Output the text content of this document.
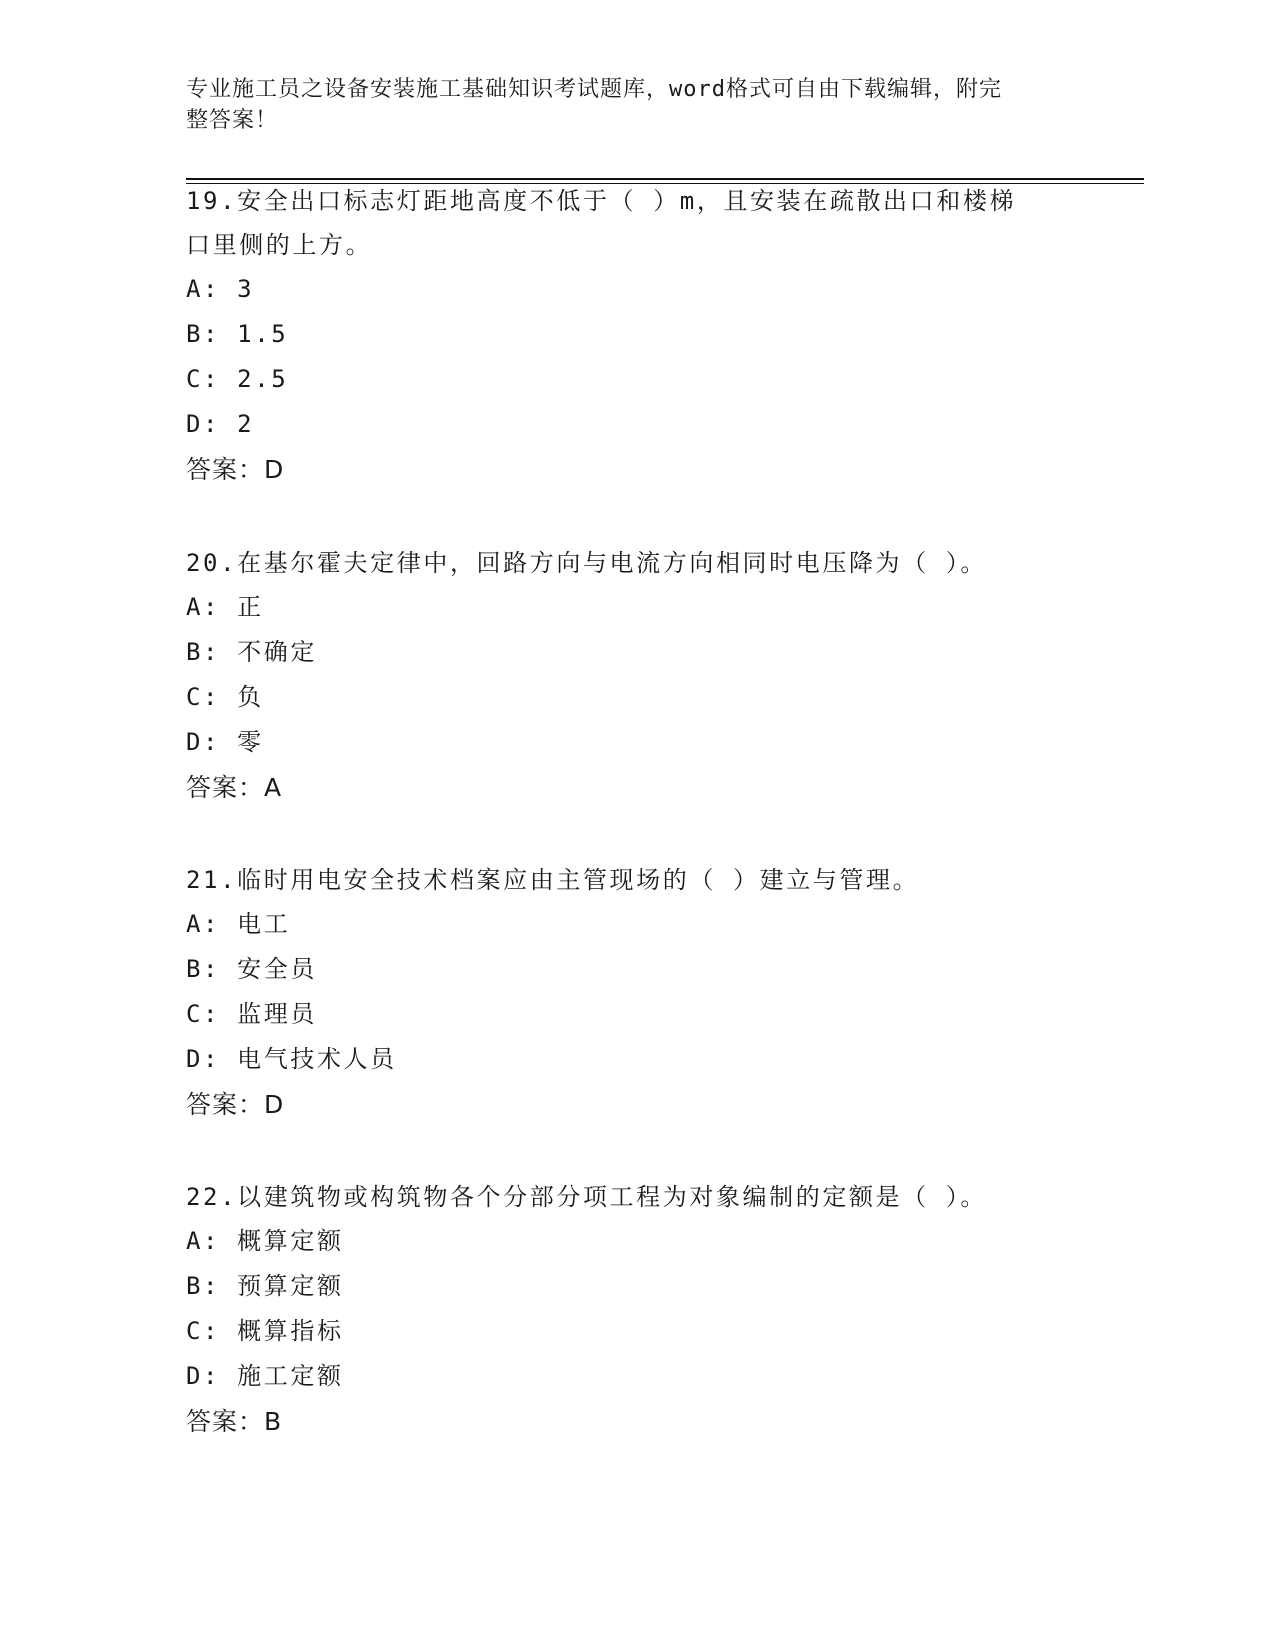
专业施工员之设备安装施工基础知识考试题库，word格式可自由下载编辑，附完
整答案！

19.安全出口标志灯距地高度不低于（ ）m，且安装在疏散出口和楼梯
口里侧的上方。

A: 3

B: 1.5

C: 2.5

D: 2

答案：D

20.在基尔霍夫定律中，回路方向与电流方向相同时电压降为（ ）。

A: 正

B: 不确定

C: 负

D: 零

答案：A

21.临时用电安全技术档案应由主管现场的（ ）建立与管理。

A: 电工

B: 安全员

C: 监理员

D: 电气技术人员

答案：D

22.以建筑物或构筑物各个分部分项工程为对象编制的定额是（ ）。

A: 概算定额

B: 预算定额

C: 概算指标

D: 施工定额

答案：B
